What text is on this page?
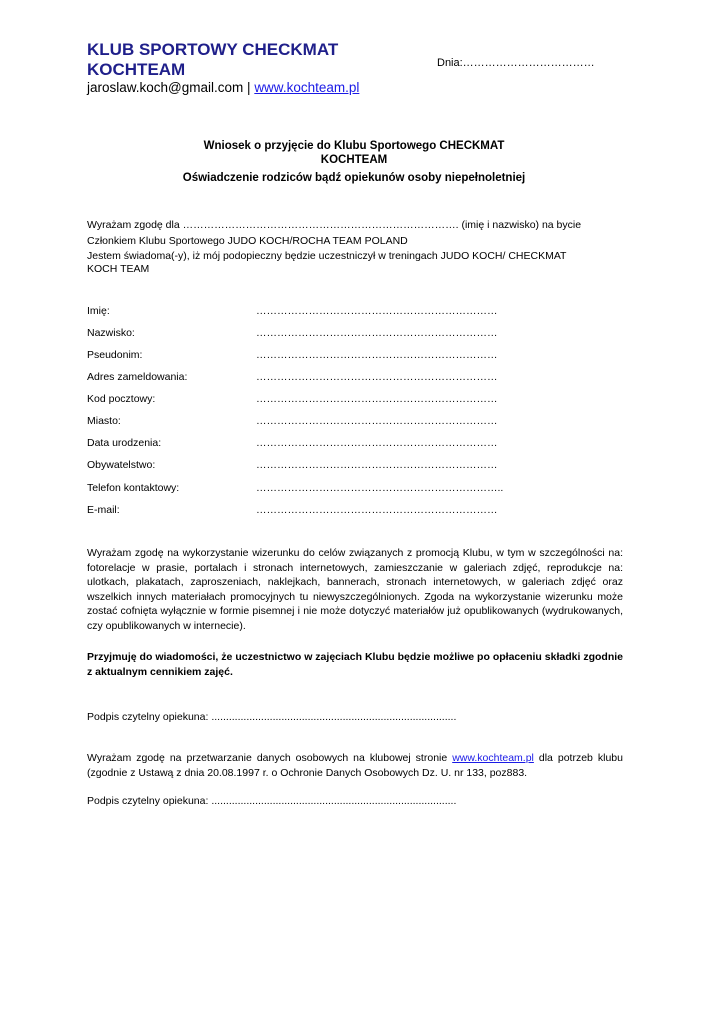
KLUB SPORTOWY CHECKMAT
KOCHTEAM
jaroslaw.koch@gmail.com | www.kochteam.pl
Dnia:………………………………
Wniosek o przyjęcie do Klubu Sportowego CHECKMAT
KOCHTEAM
Oświadczenie rodziców bądź opiekunów osoby niepełnoletniej
Wyrażam zgodę dla ……………………………………………………………………. (imię i nazwisko) na bycie
Członkiem Klubu Sportowego JUDO KOCH/ROCHA TEAM POLAND
Jestem świadoma(-y), iż mój podopieczny będzie uczestniczył w treningach JUDO KOCH/ CHECKMAT
KOCH TEAM
Imię:	……………………………………………………………
Nazwisko:	……………………………………………………………
Pseudonim:	……………………………………………………………
Adres zameldowania:	……………………………………………………………
Kod pocztowy:	……………………………………………………………
Miasto:	……………………………………………………………
Data urodzenia:	……………………………………………………………
Obywatelstwo:	……………………………………………………………
Telefon kontaktowy:	……………………………………………………………..
E-mail:	……………………………………………………………
Wyrażam zgodę na wykorzystanie wizerunku do celów związanych z promocją Klubu, w tym w szczególności na: fotorelacje w prasie, portalach i stronach internetowych, zamieszczanie w galeriach zdjęć, reprodukcje na: ulotkach, plakatach, zaproszeniach, naklejkach, bannerach, stronach internetowych, w galeriach zdjęć oraz wszelkich innych materiałach promocyjnych tu niewyszczególnionych. Zgoda na wykorzystanie wizerunku może zostać cofnięta wyłącznie w formie pisemnej i nie może dotyczyć materiałów już opublikowanych (wydrukowanych, czy opublikowanych w internecie).
Przyjmuję do wiadomości, że uczestnictwo w zajęciach Klubu będzie możliwe po opłaceniu składki zgodnie z aktualnym cennikiem zajęć.
Podpis czytelny opiekuna: ....................................................................................
Wyrażam zgodę na przetwarzanie danych osobowych na klubowej stronie www.kochteam.pl dla potrzeb klubu (zgodnie z Ustawą z dnia 20.08.1997 r. o Ochronie Danych Osobowych Dz. U. nr 133, poz883.
Podpis czytelny opiekuna: ....................................................................................
